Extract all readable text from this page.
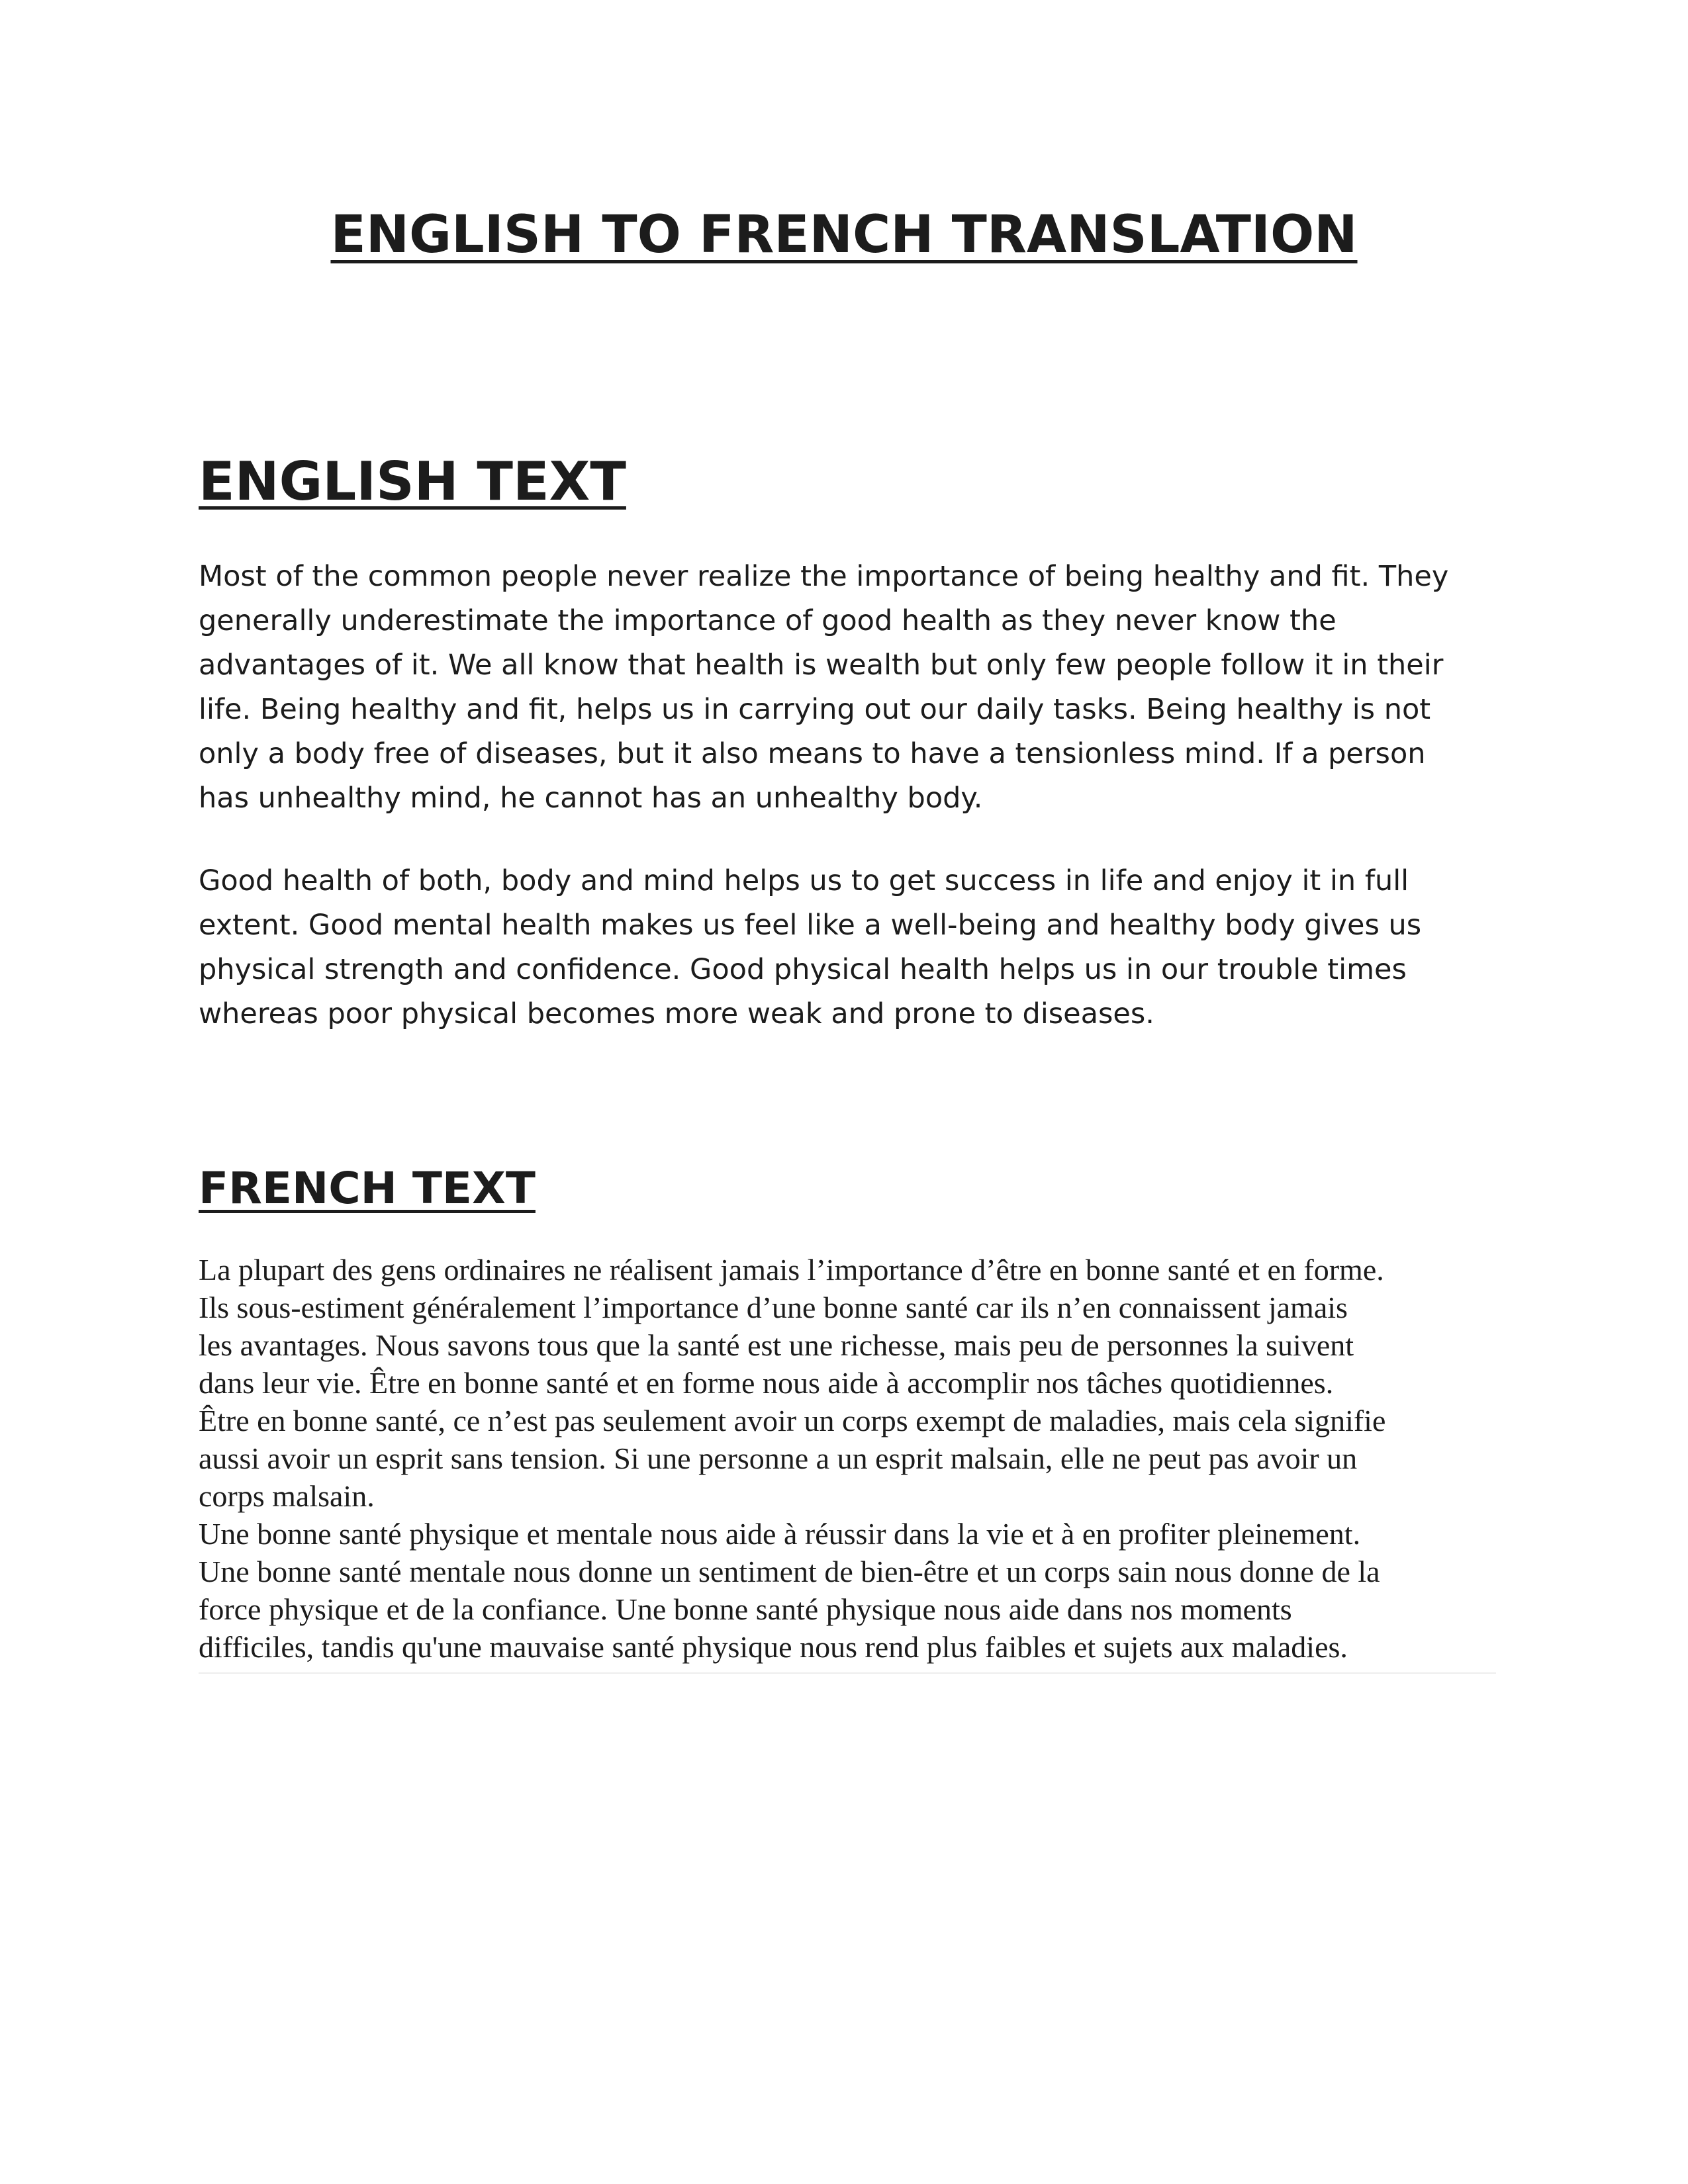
ENGLISH TO FRENCH TRANSLATION
ENGLISH TEXT

Most of the common people never realize the importance of being healthy and fit. They
generally underestimate the importance of good health as they never know the
advantages of it. We all know that health is wealth but only few people follow it in their
life. Being healthy and fit, helps us in carrying out our daily tasks. Being healthy is not
only a body free of diseases, but it also means to have a tensionless mind. If a person
has unhealthy mind, he cannot has an unhealthy body.

Good health of both, body and mind helps us to get success in life and enjoy it in full
extent. Good mental health makes us feel like a well-being and healthy body gives us
physical strength and confidence. Good physical health helps us in our trouble times
whereas poor physical becomes more weak and prone to diseases.

FRENCH TEXT

La plupart des gens ordinaires ne réalisent jamais l’importance d’être en bonne santé et en forme.
Ils sous-estiment généralement l’importance d’une bonne santé car ils n’en connaissent jamais
les avantages. Nous savons tous que la santé est une richesse, mais peu de personnes la suivent
dans leur vie. Être en bonne santé et en forme nous aide à accomplir nos tâches quotidiennes.
Être en bonne santé, ce n’est pas seulement avoir un corps exempt de maladies, mais cela signifie
aussi avoir un esprit sans tension. Si une personne a un esprit malsain, elle ne peut pas avoir un
corps malsain.

Une bonne santé physique et mentale nous aide à réussir dans la vie et à en profiter pleinement.
Une bonne santé mentale nous donne un sentiment de bien-être et un corps sain nous donne de la
force physique et de la confiance. Une bonne santé physique nous aide dans nos moments
difficiles, tandis qu'une mauvaise santé physique nous rend plus faibles et sujets aux maladies.
